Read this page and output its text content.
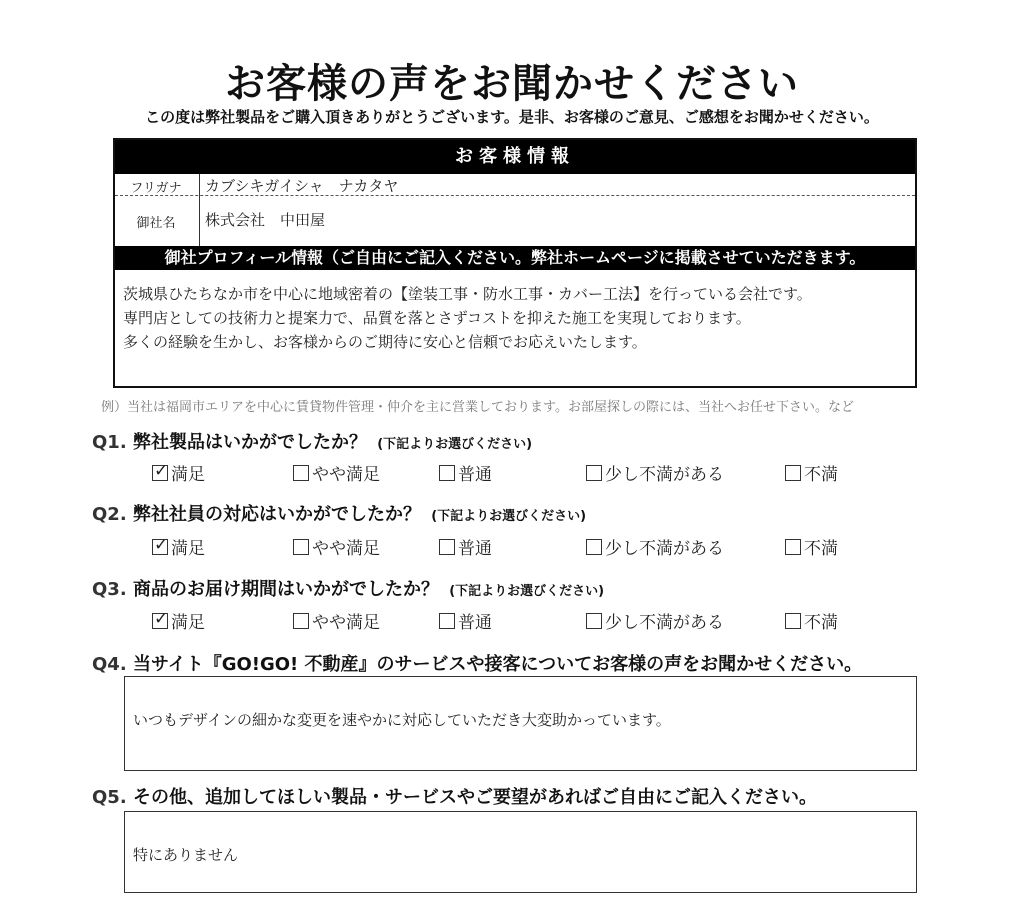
お客様の声をお聞かせください
この度は弊社製品をご購入頂きありがとうございます。是非、お客様のご意見、ご感想をお聞かせください。
お客様情報
フリガナ	カブシキガイシャ　ナカタヤ
御社名	株式会社　中田屋
御社プロフィール情報（ご自由にご記入ください。弊社ホームページに掲載させていただきます。
茨城県ひたちなか市を中心に地域密着の【塗装工事・防水工事・カバー工法】を行っている会社です。
専門店としての技術力と提案力で、品質を落とさずコストを抑えた施工を実現しております。
多くの経験を生かし、お客様からのご期待に安心と信頼でお応えいたします。
例）当社は福岡市エリアを中心に賃貸物件管理・仲介を主に営業しております。お部屋探しの際には、当社へお任せ下さい。など
Q1. 弊社製品はいかがでしたか？ (下記よりお選びください)
✓ 満足	やや満足	普通	少し不満がある	不満
Q2. 弊社社員の対応はいかがでしたか？ (下記よりお選びください)
✓ 満足	やや満足	普通	少し不満がある	不満
Q3. 商品のお届け期間はいかがでしたか？ (下記よりお選びください)
✓ 満足	やや満足	普通	少し不満がある	不満
Q4. 当サイト『GO!GO! 不動産』のサービスや接客についてお客様の声をお聞かせください。
いつもデザインの細かな変更を速やかに対応していただき大変助かっています。
Q5. その他、追加してほしい製品・サービスやご要望があればご自由にご記入ください。
特にありません
